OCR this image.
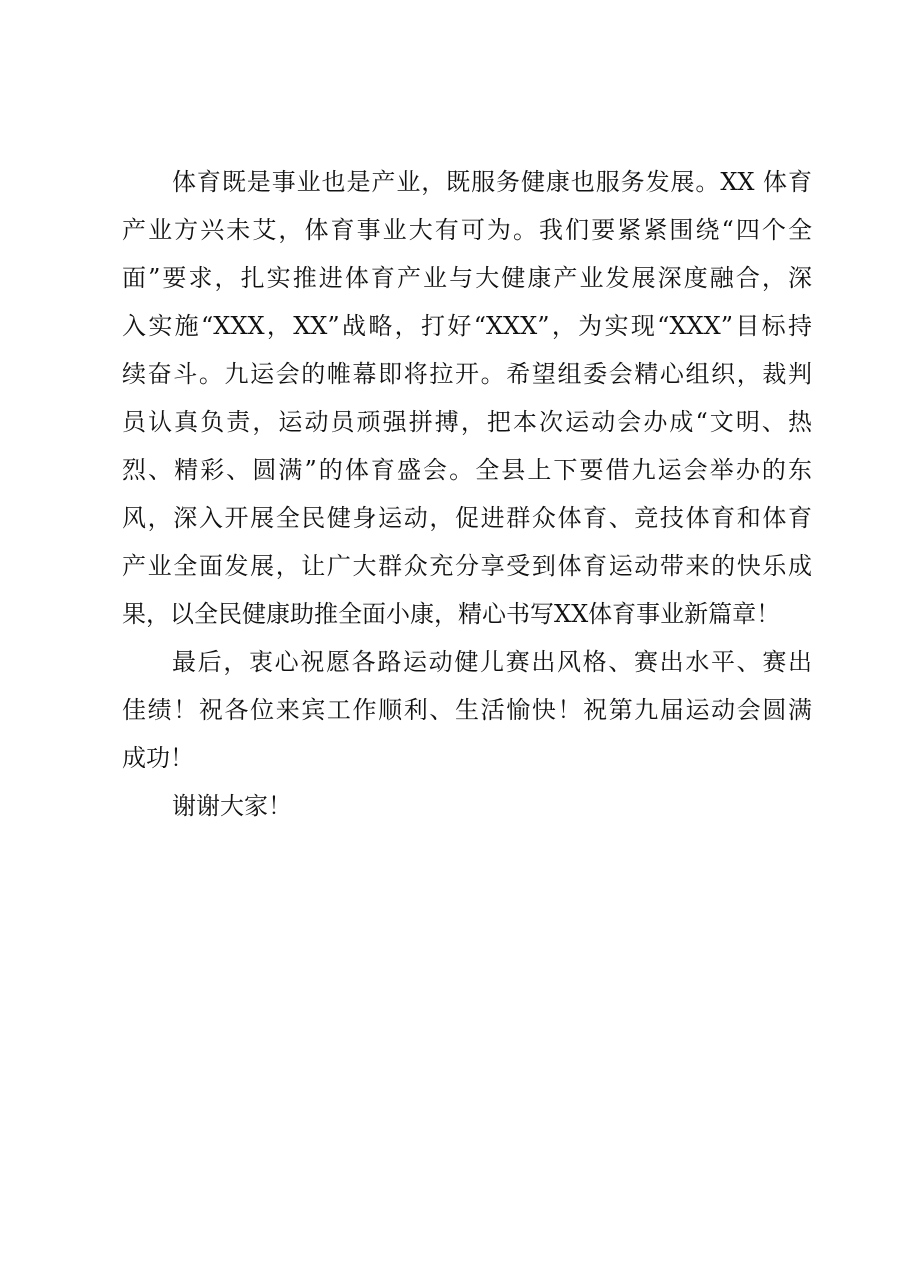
体育既是事业也是产业，既服务健康也服务发展。XX 体育
产业方兴未艾，体育事业大有可为。我们要紧紧围绕“四个全
面”要求，扎实推进体育产业与大健康产业发展深度融合，深
入实施“XXX，XX”战略，打好“XXX”，为实现“XXX”目标持
续奋斗。九运会的帷幕即将拉开。希望组委会精心组织，裁判
员认真负责，运动员顽强拼搏，把本次运动会办成“文明、热
烈、精彩、圆满”的体育盛会。全县上下要借九运会举办的东
风，深入开展全民健身运动，促进群众体育、竞技体育和体育
产业全面发展，让广大群众充分享受到体育运动带来的快乐成
果，以全民健康助推全面小康，精心书写XX体育事业新篇章！
最后，衷心祝愿各路运动健儿赛出风格、赛出水平、赛出
佳绩！祝各位来宾工作顺利、生活愉快！祝第九届运动会圆满
成功！
谢谢大家！
